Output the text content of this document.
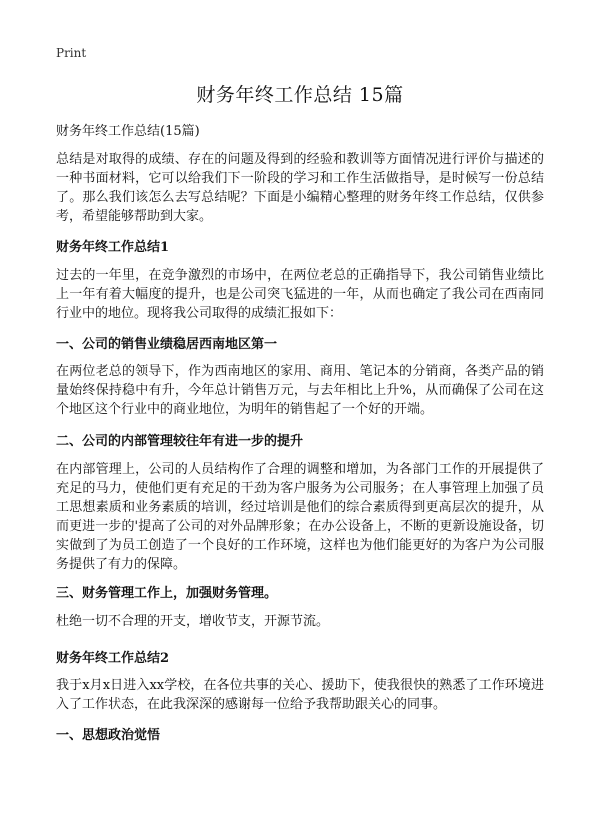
Print
财务年终工作总结 15篇
财务年终工作总结(15篇)
总结是对取得的成绩、存在的问题及得到的经验和教训等方面情况进行评价与描述的一种书面材料，它可以给我们下一阶段的学习和工作生活做指导，是时候写一份总结了。那么我们该怎么去写总结呢？下面是小编精心整理的财务年终工作总结，仅供参考，希望能够帮助到大家。
财务年终工作总结1
过去的一年里，在竞争激烈的市场中，在两位老总的正确指导下，我公司销售业绩比上一年有着大幅度的提升，也是公司突飞猛进的一年，从而也确定了我公司在西南同行业中的地位。现将我公司取得的成绩汇报如下：
一、公司的销售业绩稳居西南地区第一
在两位老总的领导下，作为西南地区的家用、商用、笔记本的分销商，各类产品的销量始终保持稳中有升，今年总计销售万元，与去年相比上升%，从而确保了公司在这个地区这个行业中的商业地位，为明年的销售起了一个好的开端。
二、公司的内部管理较往年有进一步的提升
在内部管理上，公司的人员结构作了合理的调整和增加，为各部门工作的开展提供了充足的马力，使他们更有充足的干劲为客户服务为公司服务；在人事管理上加强了员工思想素质和业务素质的培训，经过培训是他们的综合素质得到更高层次的提升，从而更进一步的'提高了公司的对外品牌形象；在办公设备上，不断的更新设施设备，切实做到了为员工创造了一个良好的工作环境，这样也为他们能更好的为客户为公司服务提供了有力的保障。
三、财务管理工作上，加强财务管理。
杜绝一切不合理的开支，增收节支，开源节流。
财务年终工作总结2
我于x月x日进入xx学校，在各位共事的关心、援助下，使我很快的熟悉了工作环境进入了工作状态，在此我深深的感谢每一位给予我帮助跟关心的同事。
一、思想政治觉悟
